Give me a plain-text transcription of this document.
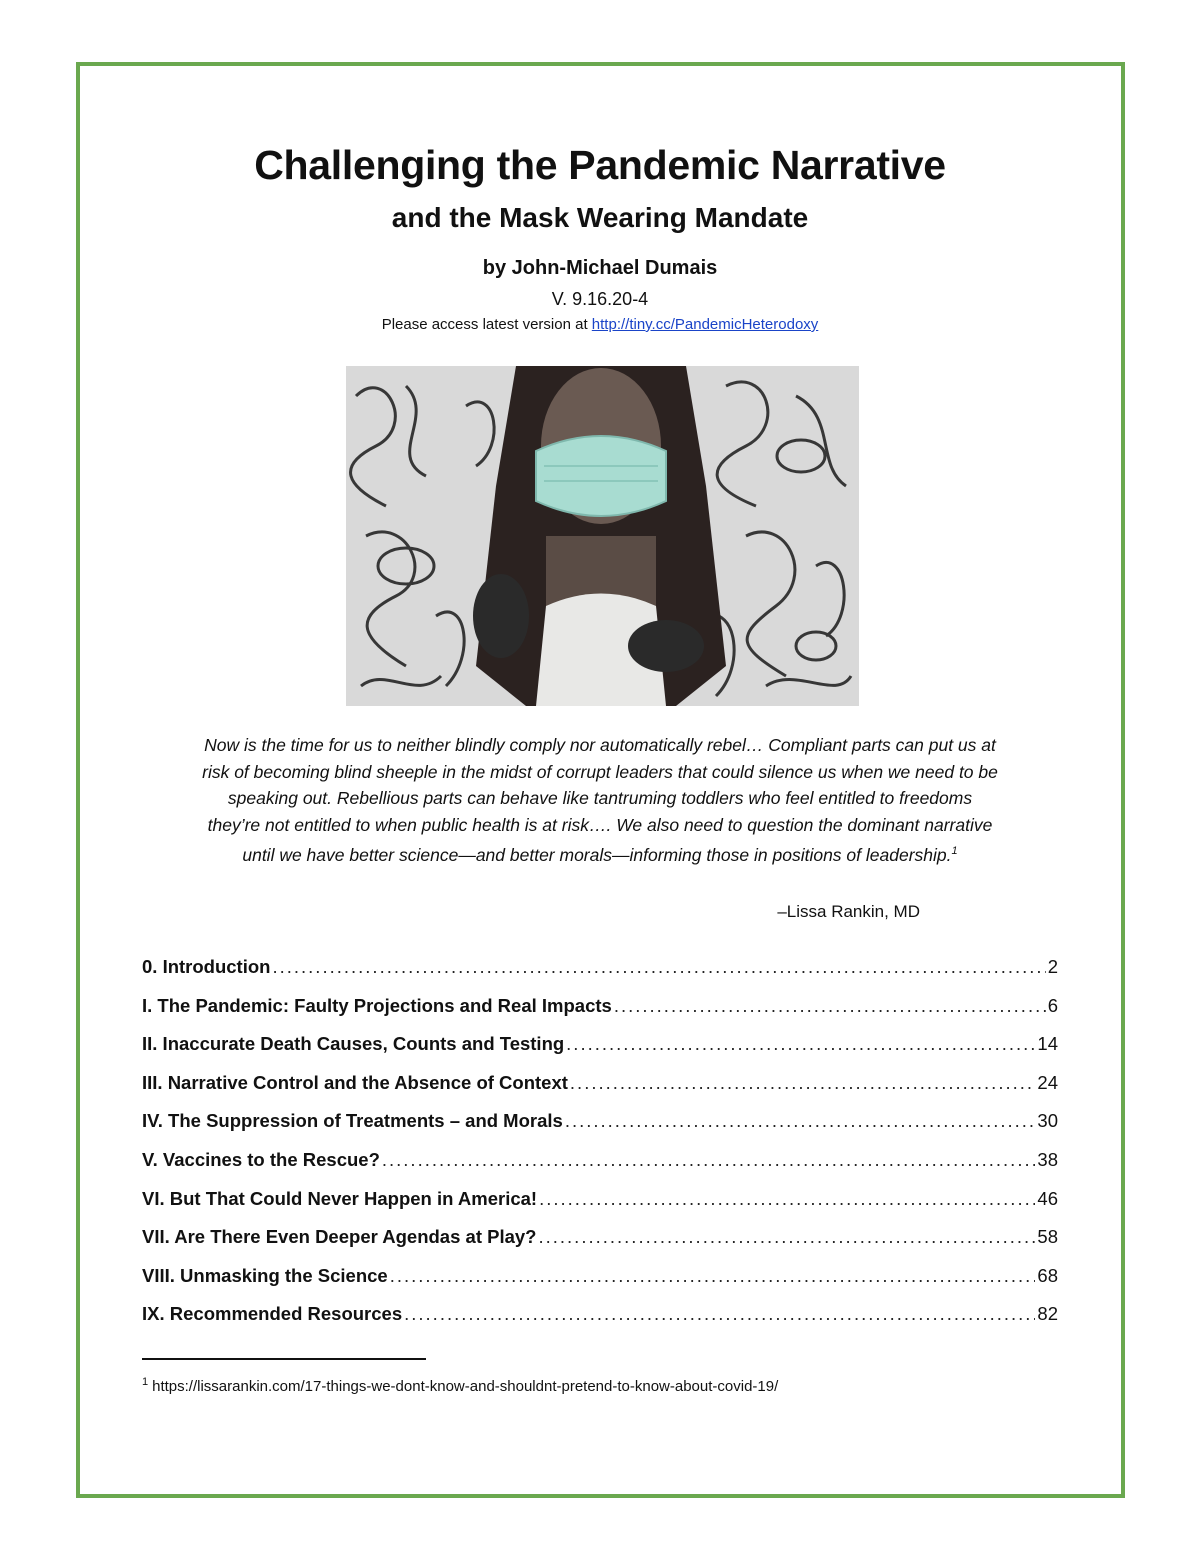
Challenging the Pandemic Narrative
and the Mask Wearing Mandate
by John-Michael Dumais
V. 9.16.20-4
Please access latest version at http://tiny.cc/PandemicHeterodoxy

Now is the time for us to neither blindly comply nor automatically rebel… Compliant parts can put us at risk of becoming blind sheeple in the midst of corrupt leaders that could silence us when we need to be speaking out. Rebellious parts can behave like tantruming toddlers who feel entitled to freedoms they’re not entitled to when public health is at risk…. We also need to question the dominant narrative until we have better science—and better morals—informing those in positions of leadership.$^1$

–Lissa Rankin, MD
0. Introduction .....	2
I. The Pandemic: Faulty Projections and Real Impacts .....	6
II. Inaccurate Death Causes, Counts and Testing .....	14
III. Narrative Control and the Absence of Context .....	24
IV. The Suppression of Treatments – and Morals .....	30
V. Vaccines to the Rescue? .....	38
VI. But That Could Never Happen in America! .....	46
VII. Are There Even Deeper Agendas at Play? .....	58
VIII. Unmasking the Science .....	68
IX. Recommended Resources .....	82
$^1$ https://lissarankin.com/17-things-we-dont-know-and-shouldnt-pretend-to-know-about-covid-19/
